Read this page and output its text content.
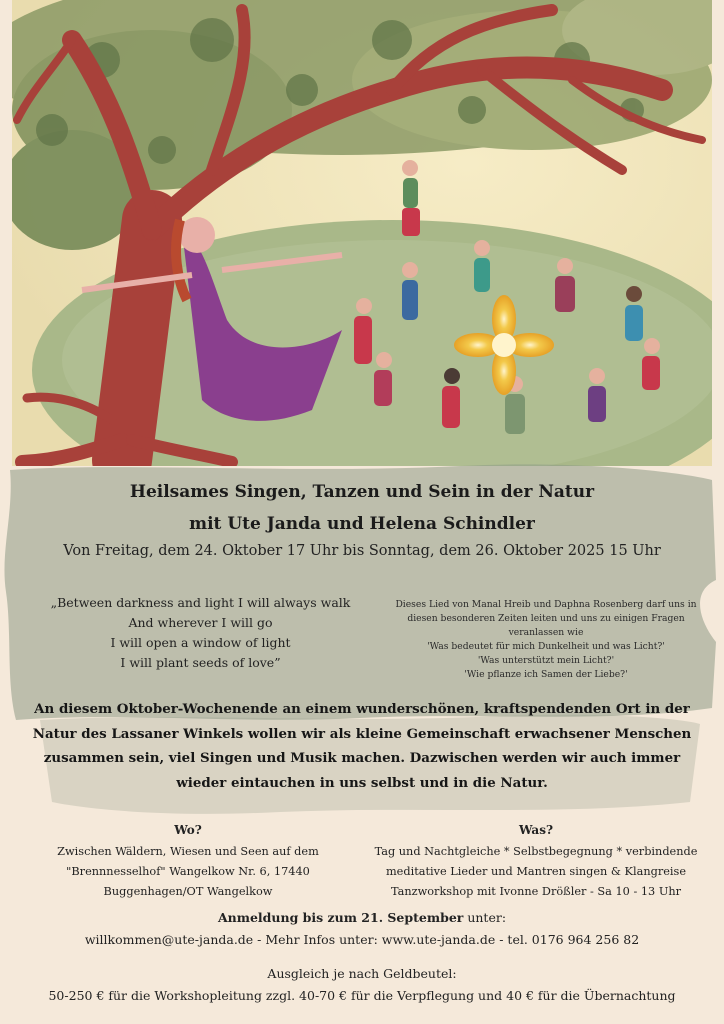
Heilsames Singen, Tanzen und Sein in der Natur
mit Ute Janda und Helena Schindler
Von Freitag, dem 24. Oktober 17 Uhr bis Sonntag, dem 26. Oktober 2025 15 Uhr
„Between darkness and light I will always walk
And wherever I will go
I will open a window of light
I will plant seeds of love”
Dieses Lied von Manal Hreib und Daphna Rosenberg darf uns in
diesen besonderen Zeiten leiten und uns zu einigen Fragen
veranlassen wie
'Was bedeutet für mich Dunkelheit und was Licht?'
'Was unterstützt mein Licht?'
'Wie pflanze ich Samen der Liebe?'
An diesem Oktober-Wochenende an einem wunderschönen, kraftspendenden Ort in der
Natur des Lassaner Winkels wollen wir als kleine Gemeinschaft erwachsener Menschen
zusammen sein, viel Singen und Musik machen. Dazwischen werden wir auch immer
wieder eintauchen in uns selbst und in die Natur.
Wo?
Zwischen Wäldern, Wiesen und Seen auf dem
"Brennnesselhof" Wangelkow Nr. 6, 17440
Buggenhagen/OT Wangelkow
Was?
Tag und Nachtgleiche * Selbstbegegnung * verbindende
meditative Lieder und Mantren singen & Klangreise
Tanzworkshop mit Ivonne Drößler - Sa 10 - 13 Uhr
Anmeldung bis zum 21. September unter:
willkommen@ute-janda.de - Mehr Infos unter: www.ute-janda.de - tel. 0176 964 256 82
Ausgleich je nach Geldbeutel:
50-250 € für die Workshopleitung zzgl. 40-70 € für die Verpflegung und 40 € für die Übernachtung
